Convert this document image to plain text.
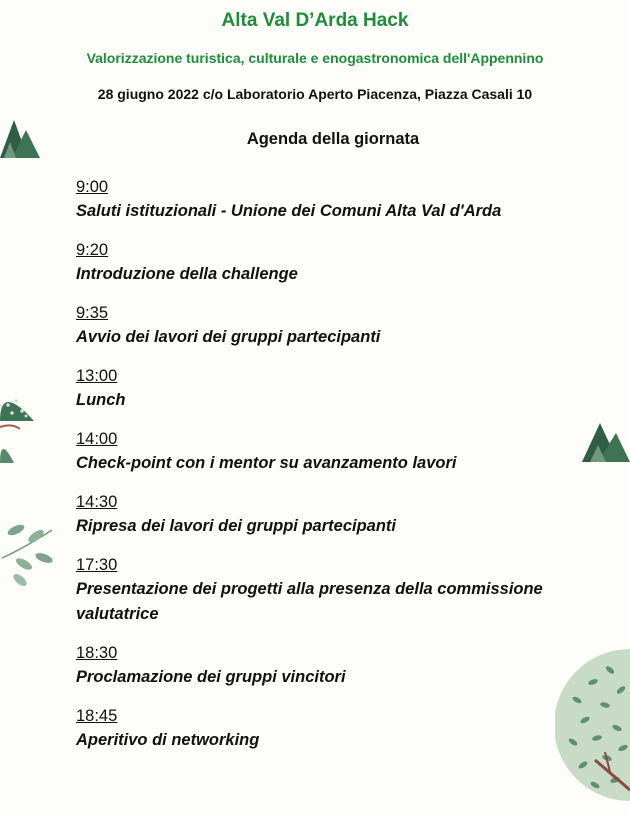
Alta Val D’Arda Hack
Valorizzazione turistica, culturale e enogastronomica dell'Appennino
28 giugno 2022 c/o Laboratorio Aperto Piacenza, Piazza Casali 10
Agenda della giornata
9:00
Saluti istituzionali - Unione dei Comuni Alta Val d'Arda
9:20
Introduzione della challenge
9:35
Avvio dei lavori dei gruppi partecipanti
13:00
Lunch
14:00
Check-point con i mentor su avanzamento lavori
14:30
Ripresa dei lavori dei gruppi partecipanti
17:30
Presentazione dei progetti alla presenza della commissione valutatrice
18:30
Proclamazione dei gruppi vincitori
18:45
Aperitivo di networking
